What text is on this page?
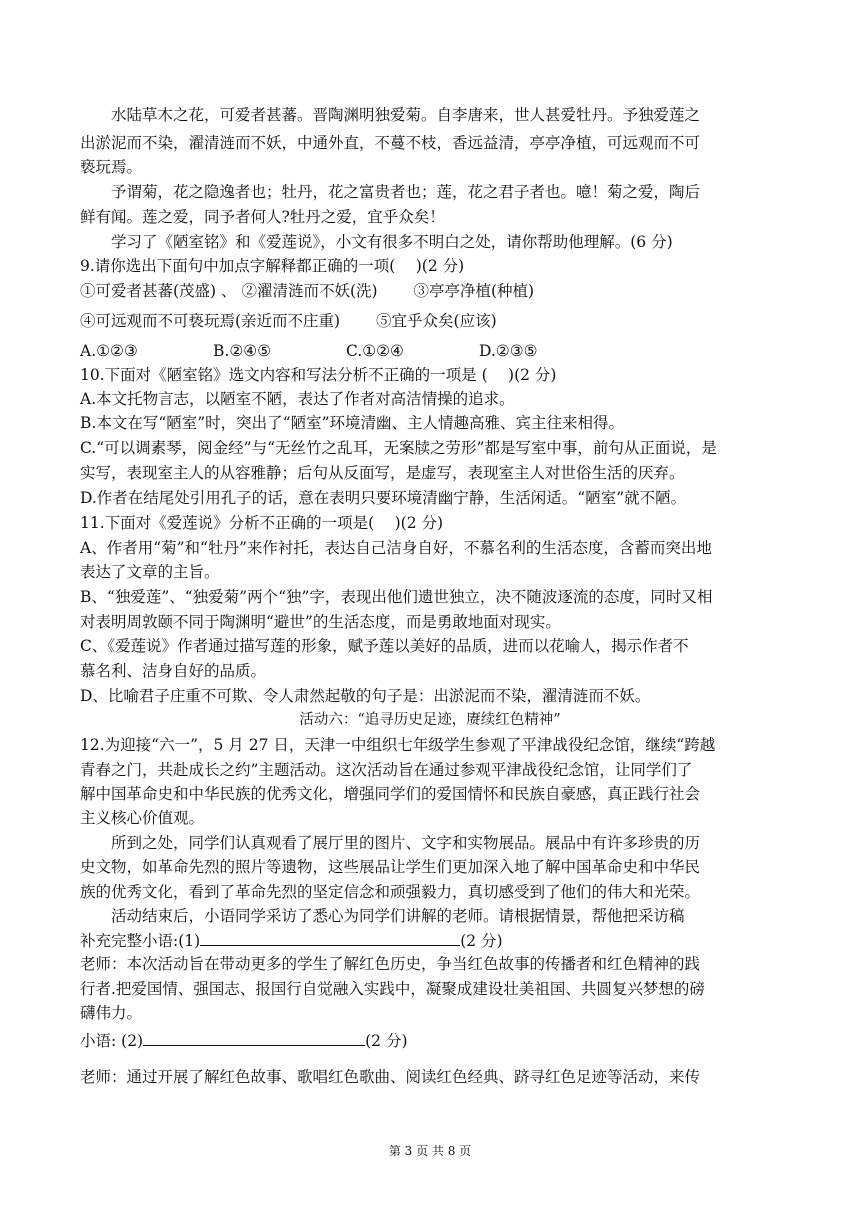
水陆草木之花，可爱者甚蕃。晋陶渊明独爱菊。自李唐来，世人甚爱牡丹。予独爱莲之
出淤泥而不染，濯清涟而不妖，中通外直，不蔓不枝，香远益清，亭亭净植，可远观而不可
亵玩焉。
予谓菊，花之隐逸者也；牡丹，花之富贵者也；莲，花之君子者也。噫！菊之爱，陶后
鲜有闻。莲之爱，同予者何人?牡丹之爱，宜乎众矣！
学习了《陋室铭》和《爱莲说》，小文有很多不明白之处，请你帮助他理解。(6 分)
9.请你选出下面句中加点字解释都正确的一项(　 )(2 分)
①可爱者甚蕃(茂盛) 、 ②濯清涟而不妖(洗)　　 ③亭亭净植(种植)
④可远观而不可亵玩焉(亲近而不庄重)　　 ⑤宜乎众矣(应该)
A.①②③	B.②④⑤	C.①②④	D.②③⑤
10.下面对《陋室铭》选文内容和写法分析不正确的一项是 (　 )(2 分)
A.本文托物言志，以陋室不陋，表达了作者对高洁情操的追求。
B.本文在写“陋室”时，突出了“陋室”环境清幽、主人情趣高雅、宾主往来相得。
C.“可以调素琴，阅金经”与“无丝竹之乱耳，无案牍之劳形”都是写室中事，前句从正面说，是
实写，表现室主人的从容雅静；后句从反面写，是虚写，表现室主人对世俗生活的厌弃。
D.作者在结尾处引用孔子的话，意在表明只要环境清幽宁静，生活闲适。“陋室”就不陋。
11.下面对《爱莲说》分析不正确的一项是(　 )(2 分)
A、作者用“菊”和“牡丹”来作衬托，表达自己洁身自好，不慕名利的生活态度，含蓄而突出地
表达了文章的主旨。
B、“独爱莲”、“独爱菊”两个“独”字，表现出他们遗世独立，决不随波逐流的态度，同时又相
对表明周敦颐不同于陶渊明“避世”的生活态度，而是勇敢地面对现实。
C、《爱莲说》作者通过描写莲的形象，赋予莲以美好的品质，进而以花喻人，揭示作者不
慕名利、洁身自好的品质。
D、比喻君子庄重不可欺、令人肃然起敬的句子是：出淤泥而不染，濯清涟而不妖。
活动六：“追寻历史足迹，赓续红色精神”
12.为迎接“六一”，5 月 27 日，天津一中组织七年级学生参观了平津战役纪念馆，继续“跨越
青春之门，共赴成长之约”主题活动。这次活动旨在通过参观平津战役纪念馆，让同学们了
解中国革命史和中华民族的优秀文化，增强同学们的爱国情怀和民族自豪感，真正践行社会
主义核心价值观。
所到之处，同学们认真观看了展厅里的图片、文字和实物展品。展品中有许多珍贵的历
史文物，如革命先烈的照片等遗物，这些展品让学生们更加深入地了解中国革命史和中华民
族的优秀文化，看到了革命先烈的坚定信念和顽强毅力，真切感受到了他们的伟大和光荣。
活动结束后，小语同学采访了悉心为同学们讲解的老师。请根据情景，帮他把采访稿
补充完整小语:(1)	(2 分)
老师：本次活动旨在带动更多的学生了解红色历史，争当红色故事的传播者和红色精神的践
行者.把爱国情、强国志、报国行自觉融入实践中，凝聚成建设壮美祖国、共圆复兴梦想的磅
礴伟力。
小语: (2)	(2 分)
老师：通过开展了解红色故事、歌唱红色歌曲、阅读红色经典、跻寻红色足迹等活动，来传
第 3 页 共 8 页
